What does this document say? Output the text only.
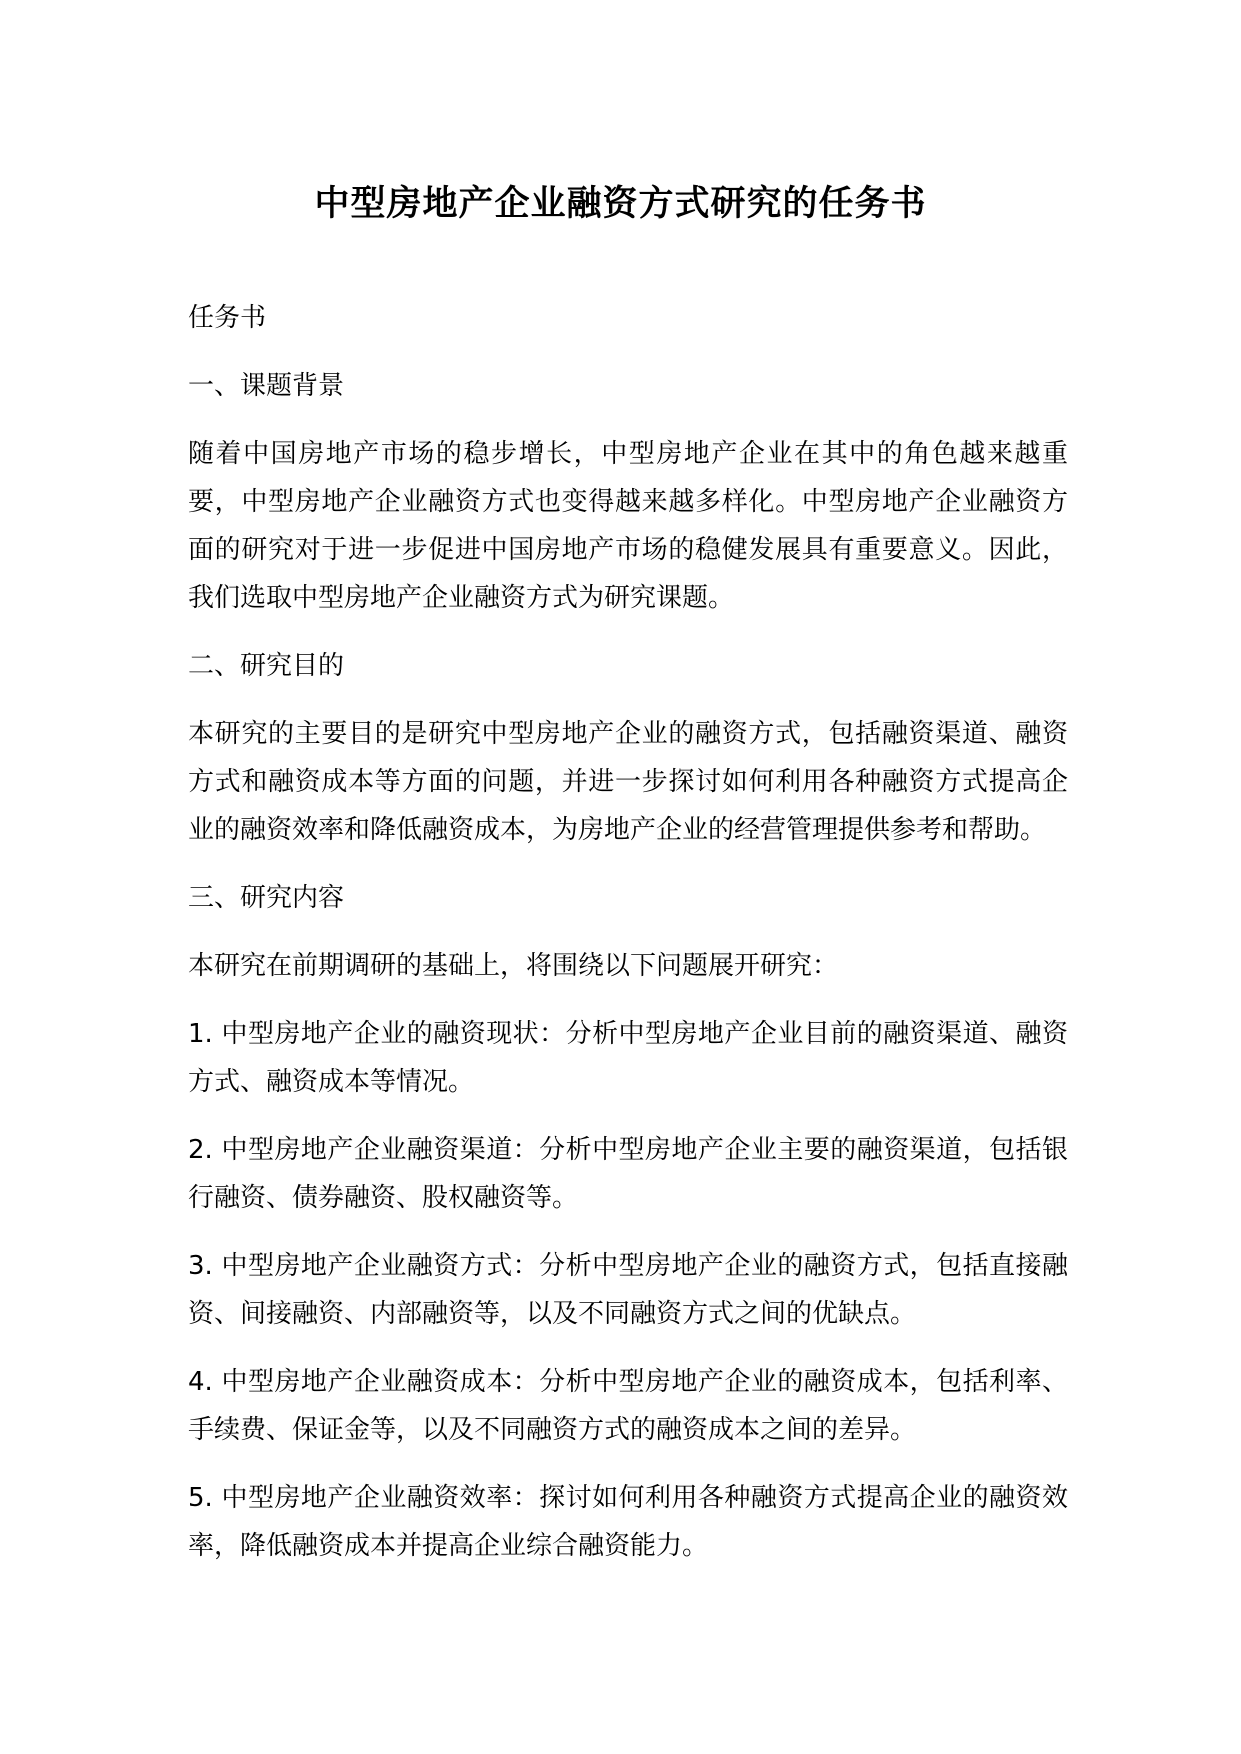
中型房地产企业融资方式研究的任务书

任务书

一、课题背景

随着中国房地产市场的稳步增长，中型房地产企业在其中的角色越来越重要，中型房地产企业融资方式也变得越来越多样化。中型房地产企业融资方面的研究对于进一步促进中国房地产市场的稳健发展具有重要意义。因此，我们选取中型房地产企业融资方式为研究课题。

二、研究目的

本研究的主要目的是研究中型房地产企业的融资方式，包括融资渠道、融资方式和融资成本等方面的问题，并进一步探讨如何利用各种融资方式提高企业的融资效率和降低融资成本，为房地产企业的经营管理提供参考和帮助。

三、研究内容

本研究在前期调研的基础上，将围绕以下问题展开研究：

1. 中型房地产企业的融资现状：分析中型房地产企业目前的融资渠道、融资方式、融资成本等情况。

2. 中型房地产企业融资渠道：分析中型房地产企业主要的融资渠道，包括银行融资、债券融资、股权融资等。

3. 中型房地产企业融资方式：分析中型房地产企业的融资方式，包括直接融资、间接融资、内部融资等，以及不同融资方式之间的优缺点。

4. 中型房地产企业融资成本：分析中型房地产企业的融资成本，包括利率、手续费、保证金等，以及不同融资方式的融资成本之间的差异。

5. 中型房地产企业融资效率：探讨如何利用各种融资方式提高企业的融资效率，降低融资成本并提高企业综合融资能力。
